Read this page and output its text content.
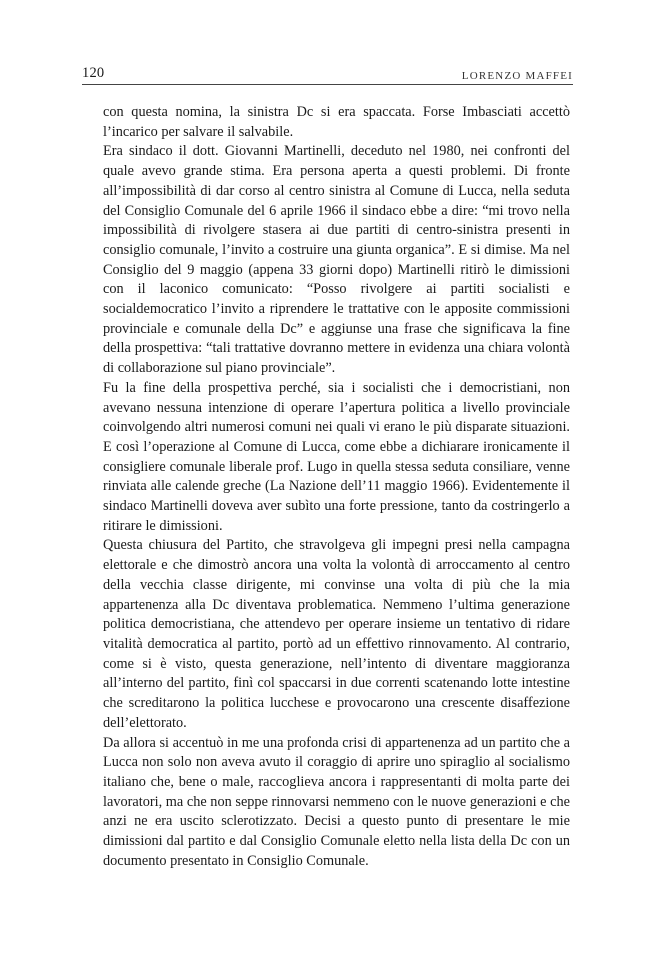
120	LORENZO MAFFEI

con questa nomina, la sinistra Dc si era spaccata. Forse Imbasciati accettò l’incarico per salvare il salvabile.

Era sindaco il dott. Giovanni Martinelli, deceduto nel 1980, nei confronti del quale avevo grande stima. Era persona aperta a questi problemi. Di fronte all’impossibilità di dar corso al centro sinistra al Comune di Lucca, nella seduta del Consiglio Comunale del 6 aprile 1966 il sindaco ebbe a dire: “mi trovo nella impossibilità di rivolgere stasera ai due partiti di centro-sinistra presenti in consiglio comunale, l’invito a costruire una giunta organica”. E si dimise. Ma nel Consiglio del 9 maggio (appena 33 giorni dopo) Martinelli ritirò le dimissioni con il laconico comunicato: “Posso rivolgere ai partiti socialisti e socialdemocratico l’invito a riprendere le trattative con le apposite commissioni provinciale e comunale della Dc” e aggiunse una frase che significava la fine della prospettiva: “tali trattative dovranno mettere in evidenza una chiara volontà di collaborazione sul piano provinciale”.

Fu la fine della prospettiva perché, sia i socialisti che i democristiani, non avevano nessuna intenzione di operare l’apertura politica a livello provinciale coinvolgendo altri numerosi comuni nei quali vi erano le più disparate situazioni. E così l’operazione al Comune di Lucca, come ebbe a dichiarare ironicamente il consigliere comunale liberale prof. Lugo in quella stessa seduta consiliare, venne rinviata alle calende greche (La Nazione dell’11 maggio 1966). Evidentemente il sindaco Martinelli doveva aver subìto una forte pressione, tanto da costringerlo a ritirare le dimissioni.

Questa chiusura del Partito, che stravolgeva gli impegni presi nella campagna elettorale e che dimostrò ancora una volta la volontà di arroccamento al centro della vecchia classe dirigente, mi convinse una volta di più che la mia appartenenza alla Dc diventava problematica. Nemmeno l’ultima generazione politica democristiana, che attendevo per operare insieme un tentativo di ridare vitalità democratica al partito, portò ad un effettivo rinnovamento. Al contrario, come si è visto, questa generazione, nell’intento di diventare maggioranza all’interno del partito, finì col spaccarsi in due correnti scatenando lotte intestine che screditarono la politica lucchese e provocarono una crescente disaffezione dell’elettorato.

Da allora si accentuò in me una profonda crisi di appartenenza ad un partito che a Lucca non solo non aveva avuto il coraggio di aprire uno spiraglio al socialismo italiano che, bene o male, raccoglieva ancora i rappresentanti di molta parte dei lavoratori, ma che non seppe rinnovarsi nemmeno con le nuove generazioni e che anzi ne era uscito sclerotizzato. Decisi a questo punto di presentare le mie dimissioni dal partito e dal Consiglio Comunale eletto nella lista della Dc con un documento presentato in Consiglio Comunale.
